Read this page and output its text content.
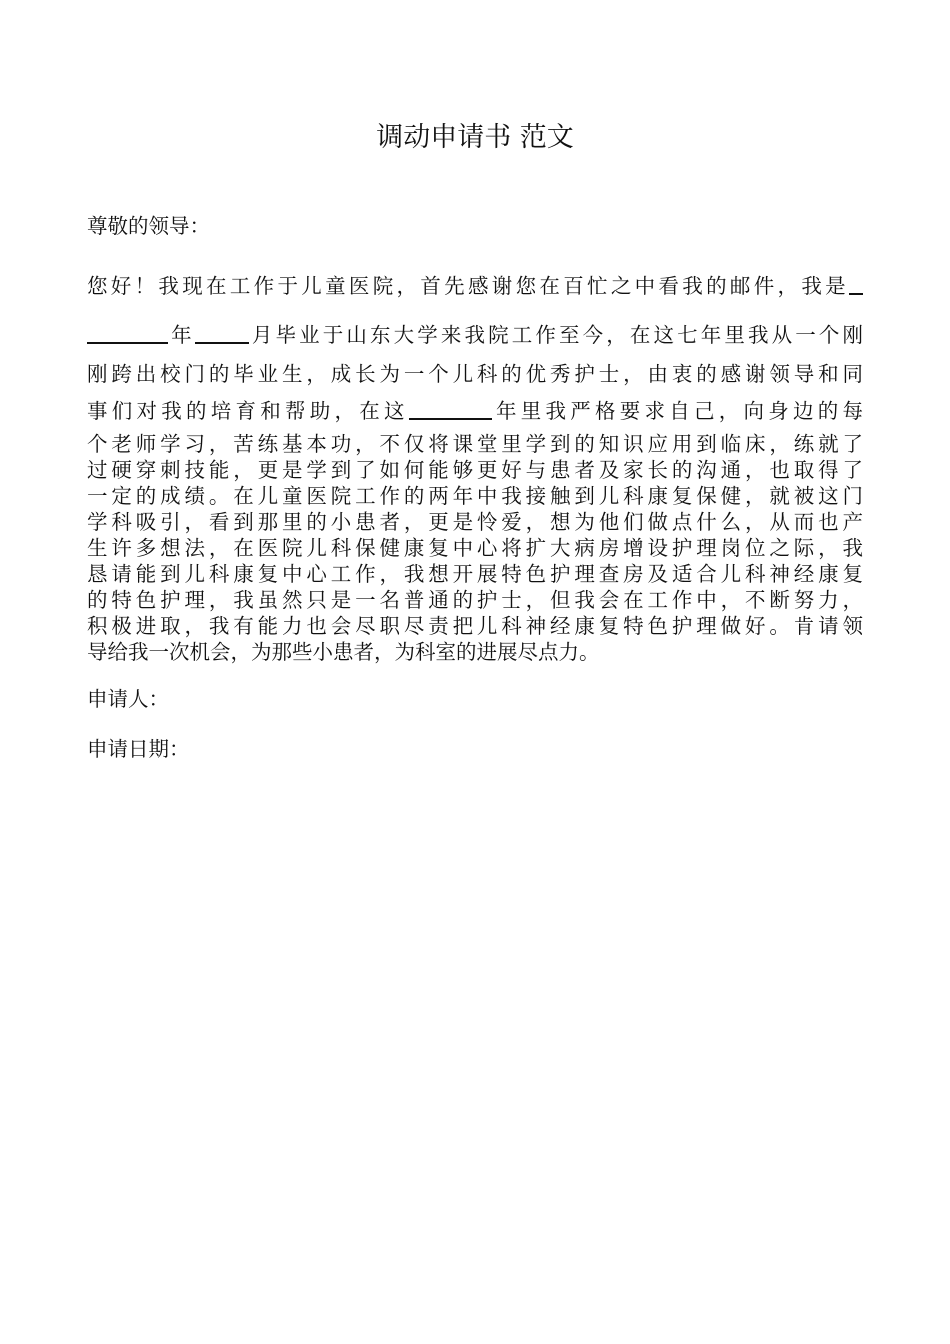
调动申请书 范文
尊敬的领导：
您好！我现在工作于儿童医院，首先感谢您在百忙之中看我的邮件，我是
年	月毕业于山东大学来我院工作至今，在这七年里我从一个刚
刚跨出校门的毕业生，成长为一个儿科的优秀护士，由衷的感谢领导和同
事们对我的培育和帮助，在这	年里我严格要求自己，向身边的每
个老师学习，苦练基本功，不仅将课堂里学到的知识应用到临床，练就了
过硬穿刺技能，更是学到了如何能够更好与患者及家长的沟通，也取得了
一定的成绩。在儿童医院工作的两年中我接触到儿科康复保健，就被这门
学科吸引，看到那里的小患者，更是怜爱，想为他们做点什么，从而也产
生许多想法，在医院儿科保健康复中心将扩大病房增设护理岗位之际，我
恳请能到儿科康复中心工作，我想开展特色护理查房及适合儿科神经康复
的特色护理，我虽然只是一名普通的护士，但我会在工作中，不断努力，
积极进取，我有能力也会尽职尽责把儿科神经康复特色护理做好。肯请领
导给我一次机会，为那些小患者，为科室的进展尽点力。
申请人：
申请日期：
